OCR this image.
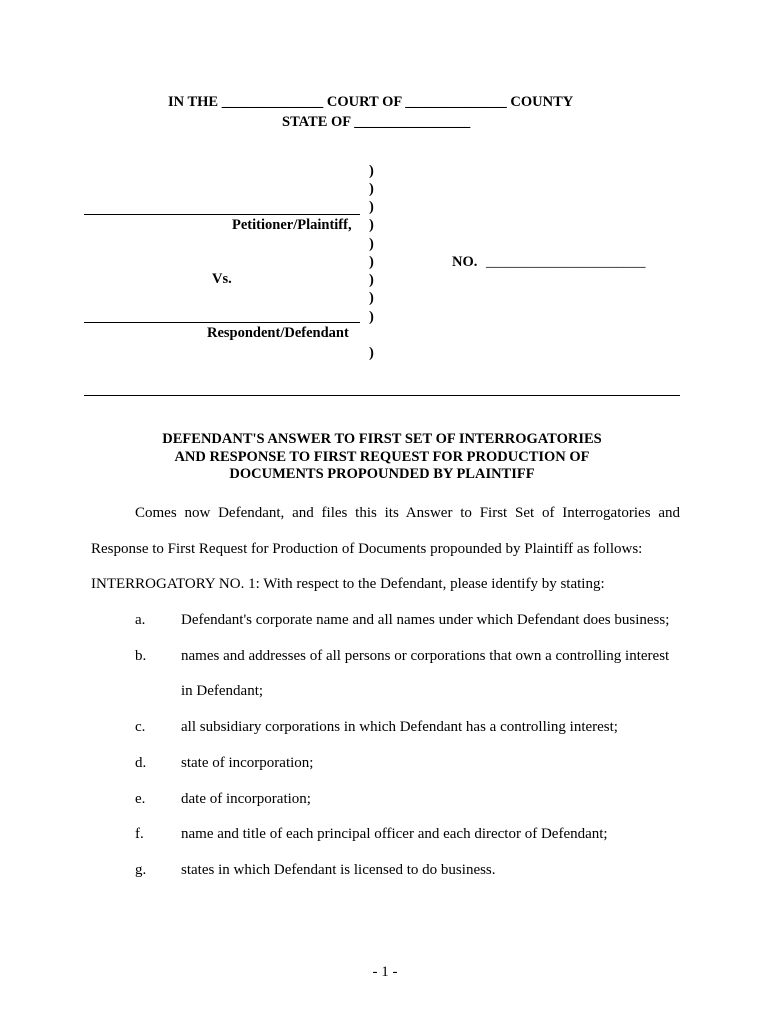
IN THE ______________ COURT OF ______________ COUNTY
STATE OF ________________
)
)
)
)
)
)
)
)
)
)
Petitioner/Plaintiff,
Vs.
Respondent/Defendant
NO. ______________________
DEFENDANT'S ANSWER TO FIRST SET OF INTERROGATORIES
AND RESPONSE TO FIRST REQUEST FOR PRODUCTION OF
DOCUMENTS PROPOUNDED BY PLAINTIFF
Comes now Defendant, and files this its Answer to First Set of Interrogatories and
Response to First Request for Production of Documents propounded by Plaintiff as follows:
INTERROGATORY NO. 1: With respect to the Defendant, please identify by stating:
a. Defendant's corporate name and all names under which Defendant does business;
b. names and addresses of all persons or corporations that own a controlling interest
in Defendant;
c. all subsidiary corporations in which Defendant has a controlling interest;
d. state of incorporation;
e. date of incorporation;
f. name and title of each principal officer and each director of Defendant;
g. states in which Defendant is licensed to do business.
- 1 -
